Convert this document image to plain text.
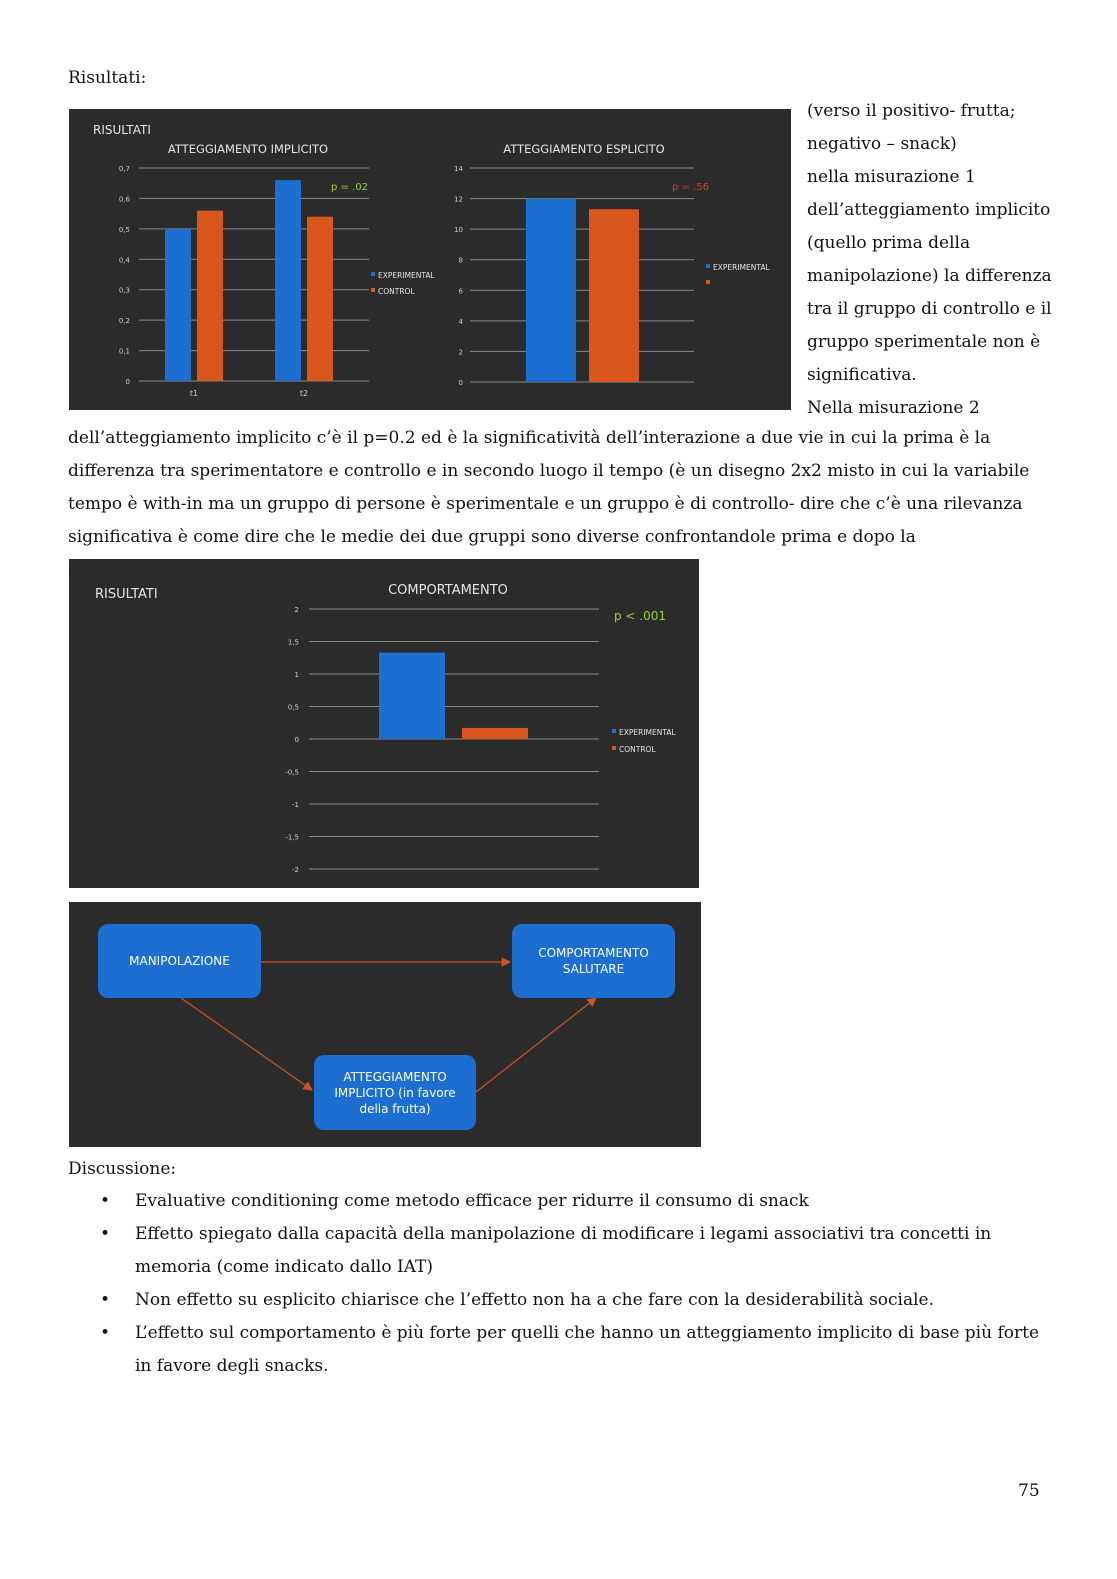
Risultati:
RISULTATI
ATTEGGIAMENTO IMPLICITO
0
0,1
0,2
0,3
0,4
0,5
0,6
0,7
t1	t2
p = .02
EXPERIMENTAL
CONTROL
ATTEGGIAMENTO ESPLICITO
0
2
4
6
8
10
12
14
p = .56
EXPERIMENTAL
(verso il positivo- frutta;
negativo – snack)
nella misurazione 1
dell’atteggiamento implicito
(quello prima della
manipolazione) la differenza
tra il gruppo di controllo e il
gruppo sperimentale non è
significativa.
Nella misurazione 2
dell’atteggiamento implicito c’è il p=0.2 ed è la significatività dell’interazione a due vie in cui la prima è la differenza tra sperimentatore e controllo e in secondo luogo il tempo (è un disegno 2x2 misto in cui la variabile tempo è with-in ma un gruppo di persone è sperimentale e un gruppo è di controllo- dire che c’è una rilevanza significativa è come dire che le medie dei due gruppi sono diverse confrontandole prima e dopo la
RISULTATI	COMPORTAMENTO
2
1,5
1
0,5
0
-0,5
-1
-1,5
-2
p < .001
EXPERIMENTAL
CONTROL
MANIPOLAZIONE
COMPORTAMENTO
SALUTARE
ATTEGGIAMENTO
IMPLICITO (in favore
della frutta)
Discussione:
• Evaluative conditioning come metodo efficace per ridurre il consumo di snack
• Effetto spiegato dalla capacità della manipolazione di modificare i legami associativi tra concetti in memoria (come indicato dallo IAT)
• Non effetto su esplicito chiarisce che l’effetto non ha a che fare con la desiderabilità sociale.
• L’effetto sul comportamento è più forte per quelli che hanno un atteggiamento implicito di base più forte in favore degli snacks.
75
